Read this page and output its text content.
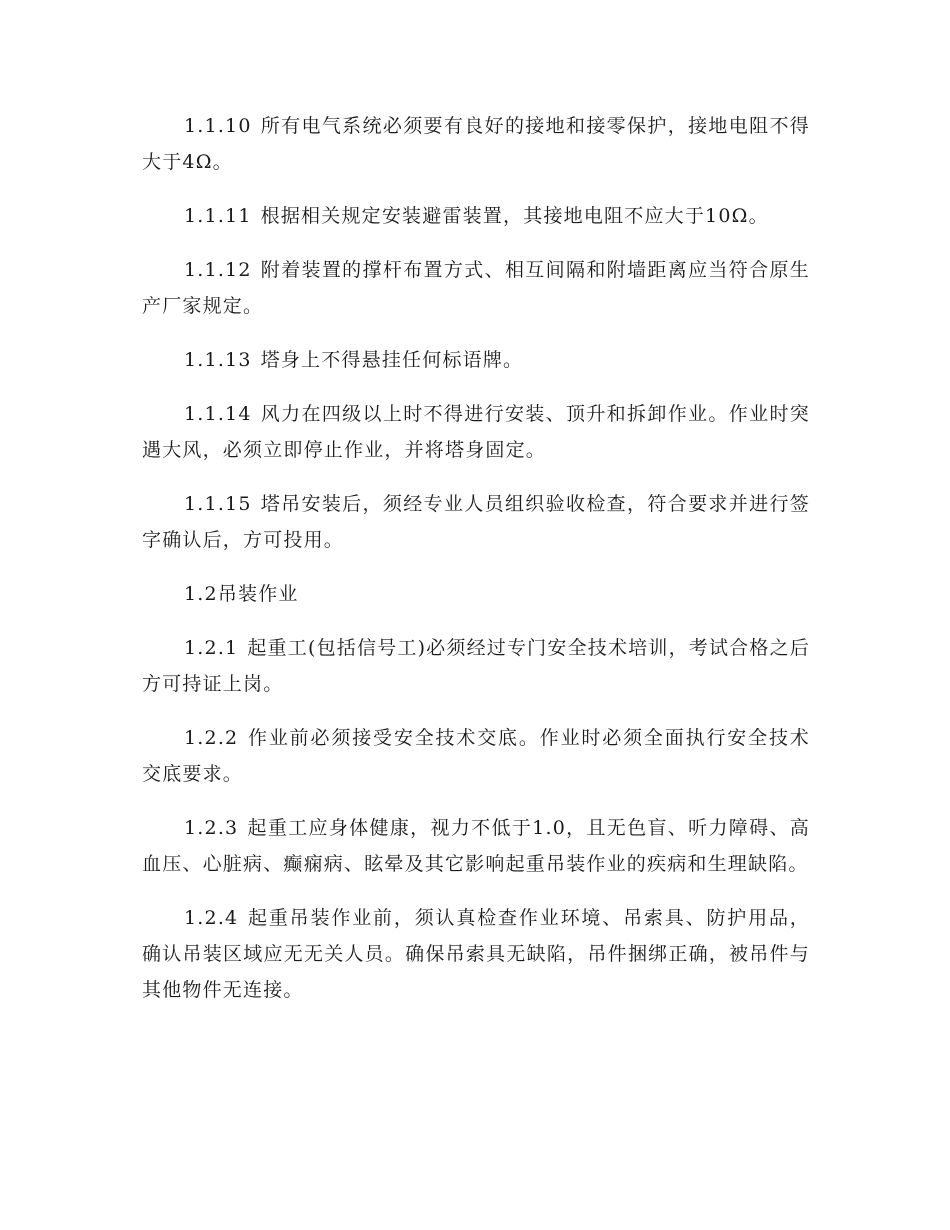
1.1.10 所有电气系统必须要有良好的接地和接零保护，接地电阻不得大于4Ω。

1.1.11 根据相关规定安装避雷装置，其接地电阻不应大于10Ω。

1.1.12 附着装置的撑杆布置方式、相互间隔和附墙距离应当符合原生产厂家规定。

1.1.13 塔身上不得悬挂任何标语牌。

1.1.14 风力在四级以上时不得进行安装、顶升和拆卸作业。作业时突遇大风，必须立即停止作业，并将塔身固定。

1.1.15 塔吊安装后，须经专业人员组织验收检查，符合要求并进行签字确认后，方可投用。

1.2吊装作业

1.2.1 起重工(包括信号工)必须经过专门安全技术培训，考试合格之后方可持证上岗。

1.2.2 作业前必须接受安全技术交底。作业时必须全面执行安全技术交底要求。

1.2.3 起重工应身体健康，视力不低于1.0，且无色盲、听力障碍、高血压、心脏病、癫痫病、眩晕及其它影响起重吊装作业的疾病和生理缺陷。

1.2.4 起重吊装作业前，须认真检查作业环境、吊索具、防护用品，确认吊装区域应无无关人员。确保吊索具无缺陷，吊件捆绑正确，被吊件与其他物件无连接。
